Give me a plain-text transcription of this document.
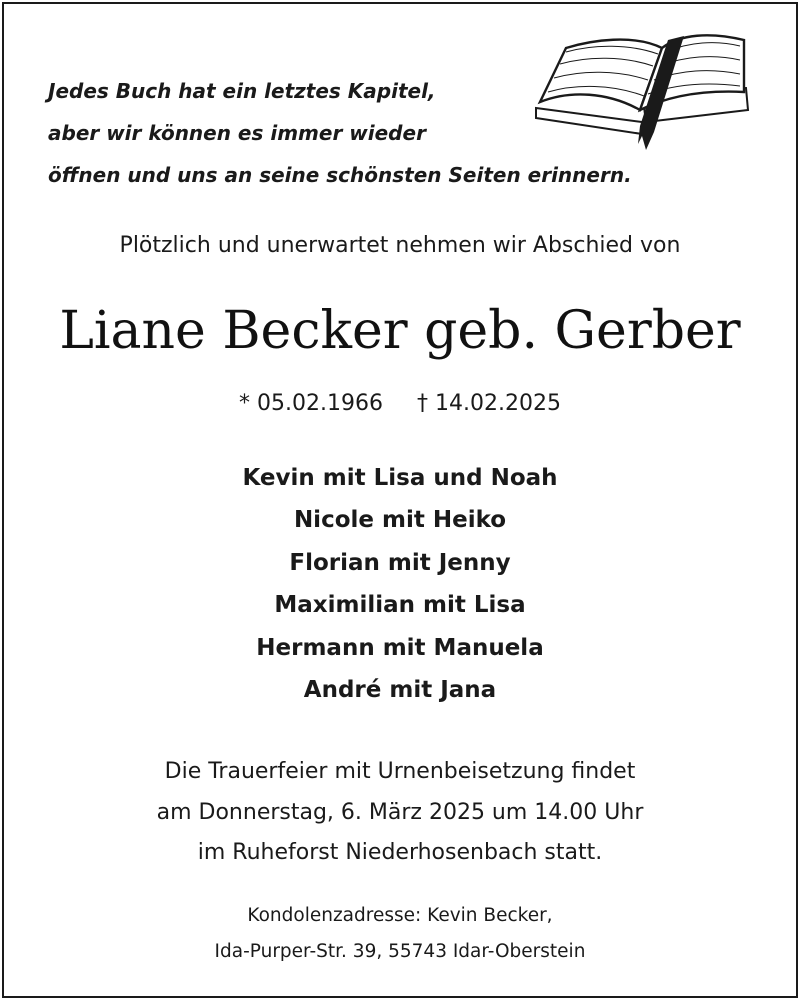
Jedes Buch hat ein letztes Kapitel,
aber wir können es immer wieder
öffnen und uns an seine schönsten Seiten erinnern.

Plötzlich und unerwartet nehmen wir Abschied von
Liane Becker geb. Gerber
* 05.02.1966 † 14.02.2025
Kevin mit Lisa und Noah
Nicole mit Heiko
Florian mit Jenny
Maximilian mit Lisa
Hermann mit Manuela
André mit Jana
Die Trauerfeier mit Urnenbeisetzung findet
am Donnerstag, 6. März 2025 um 14.00 Uhr
im Ruheforst Niederhosenbach statt.
Kondolenzadresse: Kevin Becker,
Ida-Purper-Str. 39, 55743 Idar-Oberstein
